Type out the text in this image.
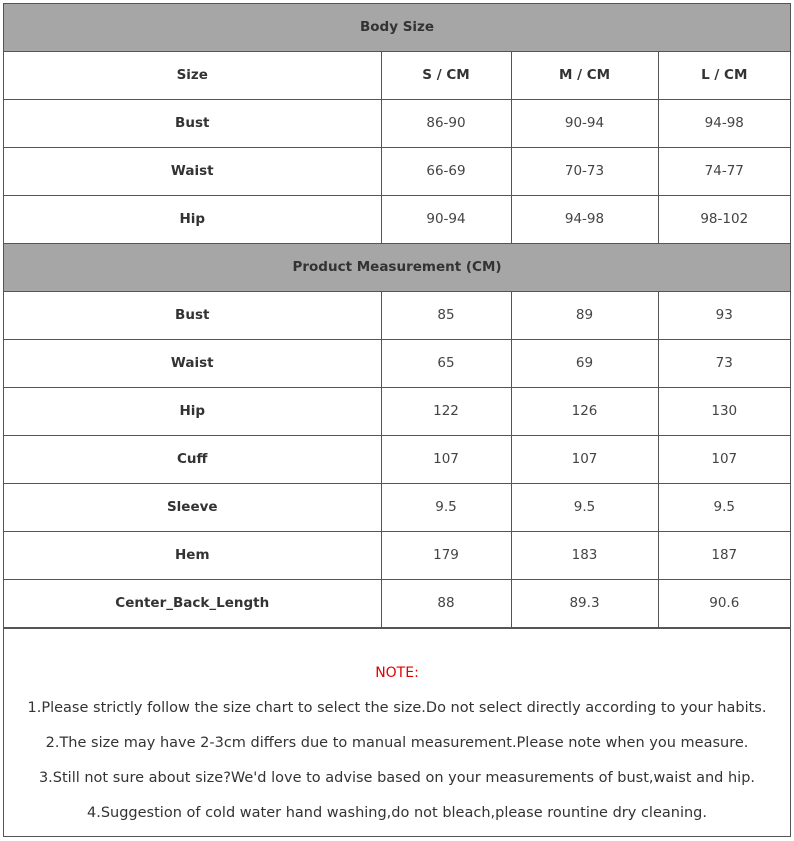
Body Size			
Size	S / CM	M / CM	L / CM
Bust	86-90	90-94	94-98
Waist	66-69	70-73	74-77
Hip	90-94	94-98	98-102
Product Measurement (CM)			
Bust	85	89	93
Waist	65	69	73
Hip	122	126	130
Cuff	107	107	107
Sleeve	9.5	9.5	9.5
Hem	179	183	187
Center_Back_Length	88	89.3	90.6
NOTE:
1.Please strictly follow the size chart to select the size.Do not select directly according to your habits.
2.The size may have 2-3cm differs due to manual measurement.Please note when you measure.
3.Still not sure about size?We'd love to advise based on your measurements of bust,waist and hip.
4.Suggestion of cold water hand washing,do not bleach,please rountine dry cleaning.
